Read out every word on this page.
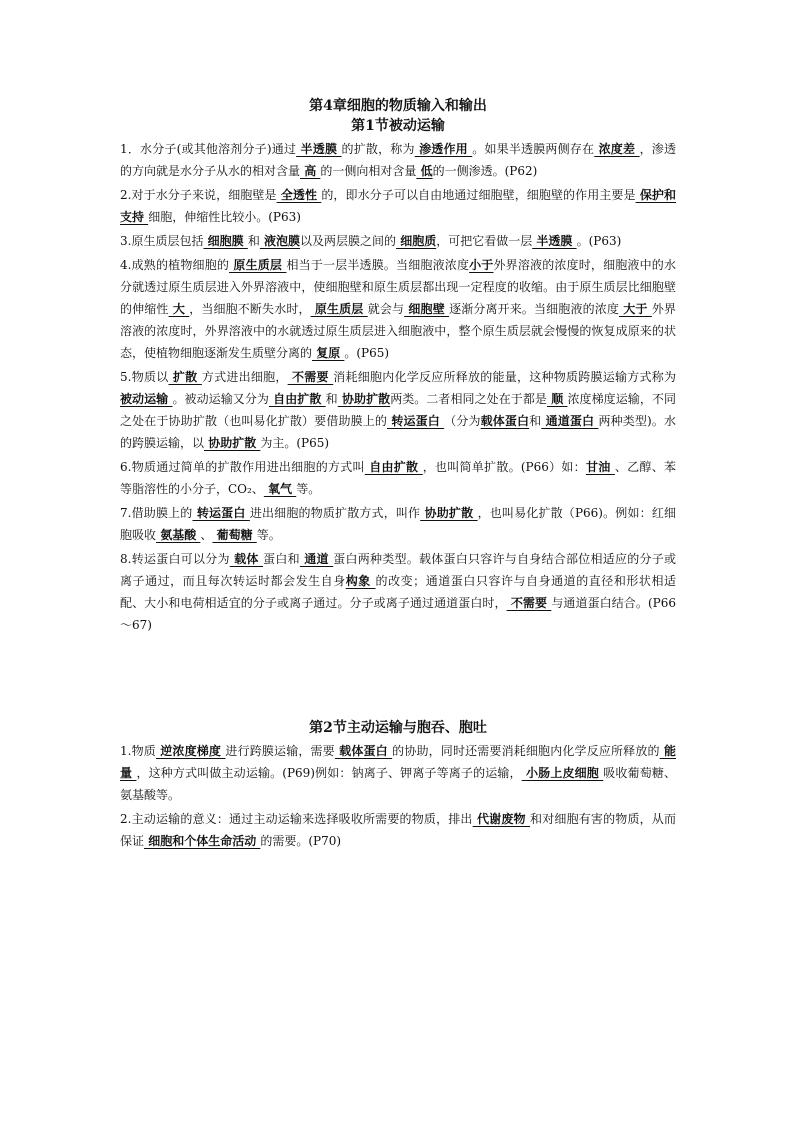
第4章细胞的物质输入和输出
第1节被动运输

1．水分子(或其他溶剂分子)通过 半透膜 的扩散，称为 渗透作用 。如果半透膜两侧存在 浓度差 ，渗透的方向就是水分子从水的相对含量 高 的一侧向相对含量 低的一侧渗透。(P62)

2.对于水分子来说，细胞壁是 全透性 的，即水分子可以自由地通过细胞壁，细胞壁的作用主要是 保护和支持 细胞，伸缩性比较小。(P63)

3.原生质层包括 细胞膜 和 液泡膜以及两层膜之间的 细胞质，可把它看做一层 半透膜 。(P63)

4.成熟的植物细胞的 原生质层 相当于一层半透膜。当细胞液浓度小于外界溶液的浓度时，细胞液中的水分就透过原生质层进入外界溶液中，使细胞壁和原生质层都出现一定程度的收缩。由于原生质层比细胞壁的伸缩性 大 ，当细胞不断失水时， 原生质层 就会与 细胞壁 逐渐分离开来。当细胞液的浓度 大于 外界溶液的浓度时，外界溶液中的水就透过原生质层进入细胞液中，整个原生质层就会慢慢的恢复成原来的状态，使植物细胞逐渐发生质壁分离的 复原 。(P65)

5.物质以 扩散 方式进出细胞， 不需要 消耗细胞内化学反应所释放的能量，这种物质跨膜运输方式称为 被动运输 。被动运输又分为 自由扩散 和 协助扩散两类。二者相同之处在于都是 顺 浓度梯度运输，不同之处在于协助扩散（也叫易化扩散）要借助膜上的 转运蛋白 （分为载体蛋白和 通道蛋白 两种类型)。水的跨膜运输，以 协助扩散 为主。(P65)

6.物质通过简单的扩散作用进出细胞的方式叫 自由扩散 ，也叫简单扩散。(P66）如：甘油 、乙醇、苯等脂溶性的小分子，CO₂、 氧气 等。

7.借助膜上的 转运蛋白 进出细胞的物质扩散方式，叫作 协助扩散 ，也叫易化扩散（P66)。例如：红细胞吸收 氨基酸 、 葡萄糖 等。

8.转运蛋白可以分为 载体 蛋白和 通道 蛋白两种类型。载体蛋白只容许与自身结合部位相适应的分子或离子通过，而且每次转运时都会发生自身构象 的改变；通道蛋白只容许与自身通道的直径和形状相适配、大小和电荷相适宜的分子或离子通过。分子或离子通过通道蛋白时， 不需要 与通道蛋白结合。(P66～67)

第2节主动运输与胞吞、胞吐

1.物质 逆浓度梯度 进行跨膜运输，需要 载体蛋白 的协助，同时还需要消耗细胞内化学反应所释放的 能量 ，这种方式叫做主动运输。(P69)例如：钠离子、钾离子等离子的运输， 小肠上皮细胞 吸收葡萄糖、氨基酸等。

2.主动运输的意义：通过主动运输来选择吸收所需要的物质，排出 代谢废物 和对细胞有害的物质，从而保证 细胞和个体生命活动 的需要。(P70)
